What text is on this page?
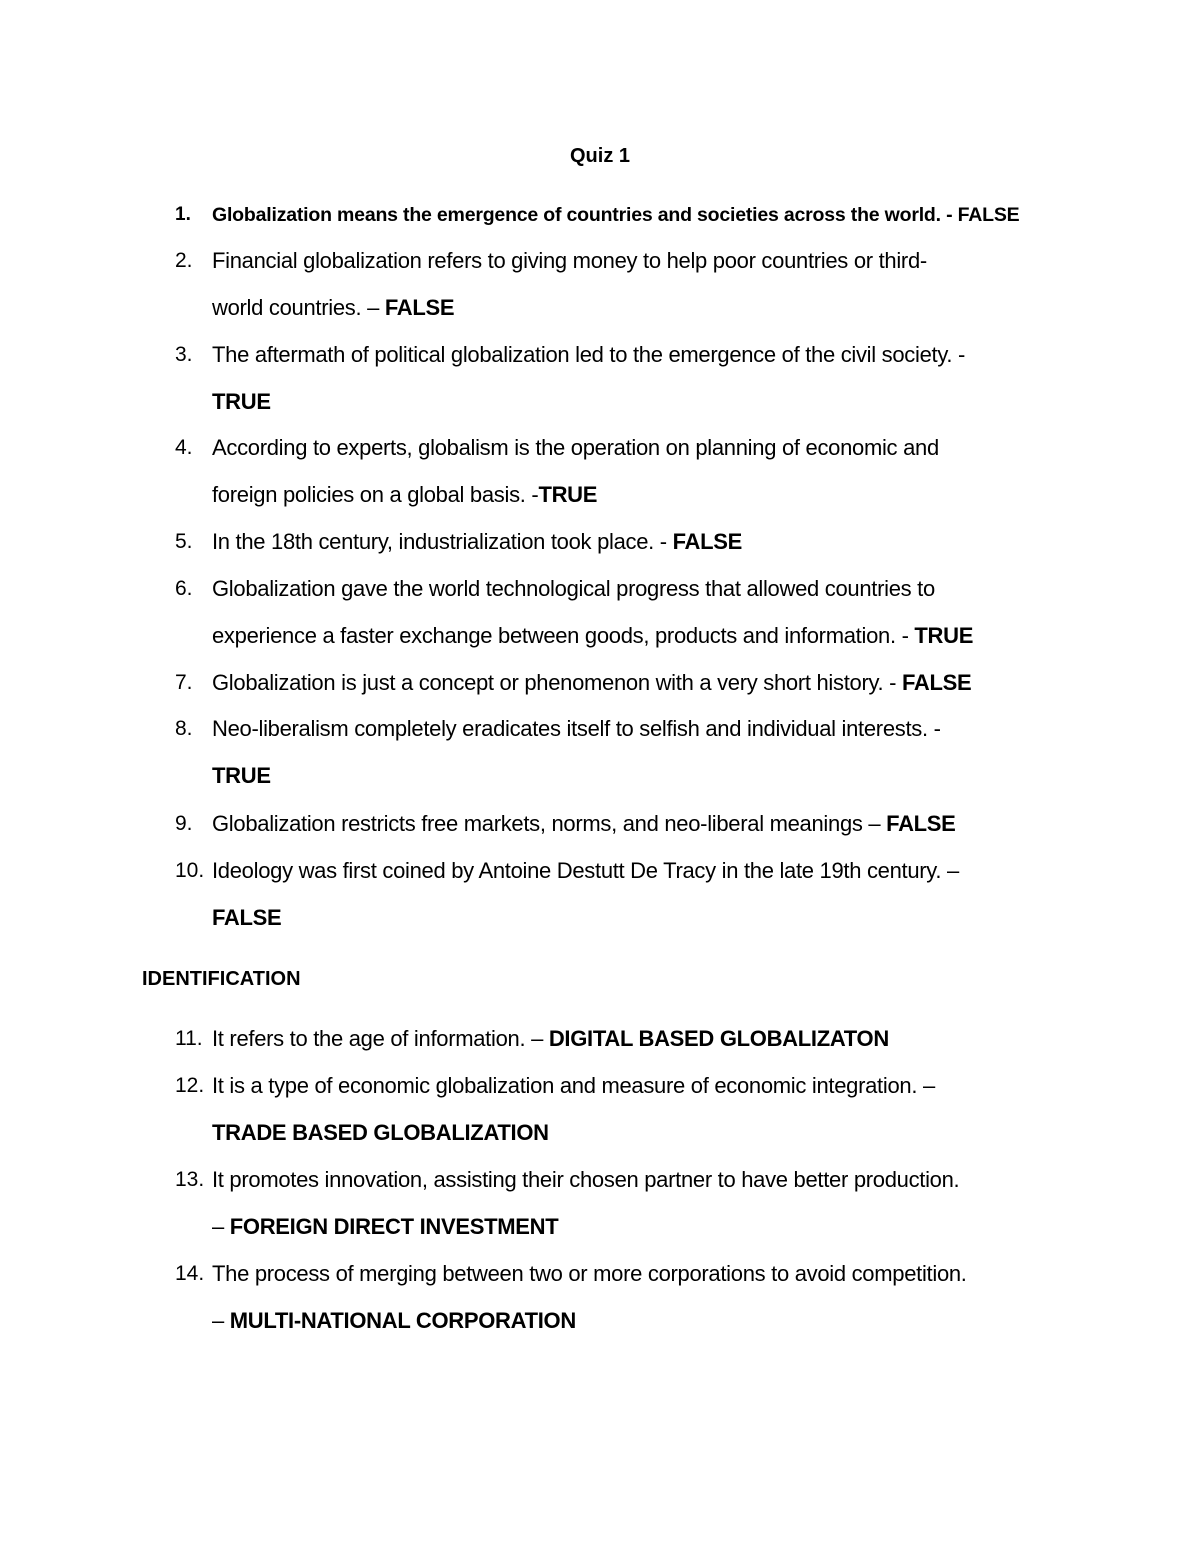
Quiz 1
1.	Globalization means the emergence of countries and societies across the world. - FALSE
2. Financial globalization refers to giving money to help poor countries or third-
world countries. – FALSE
3. The aftermath of political globalization led to the emergence of the civil society. -
TRUE
4. According to experts, globalism is the operation on planning of economic and
foreign policies on a global basis. -TRUE
5. In the 18th century, industrialization took place. - FALSE
6. Globalization gave the world technological progress that allowed countries to
experience a faster exchange between goods, products and information. - TRUE
7. Globalization is just a concept or phenomenon with a very short history. - FALSE
8. Neo-liberalism completely eradicates itself to selfish and individual interests. -
TRUE
9. Globalization restricts free markets, norms, and neo-liberal meanings – FALSE
10. Ideology was first coined by Antoine Destutt De Tracy in the late 19th century. –
FALSE
IDENTIFICATION
11. It refers to the age of information. – DIGITAL BASED GLOBALIZATON
12. It is a type of economic globalization and measure of economic integration. –
TRADE BASED GLOBALIZATION
13. It promotes innovation, assisting their chosen partner to have better production.
– FOREIGN DIRECT INVESTMENT
14. The process of merging between two or more corporations to avoid competition.
– MULTI-NATIONAL CORPORATION
